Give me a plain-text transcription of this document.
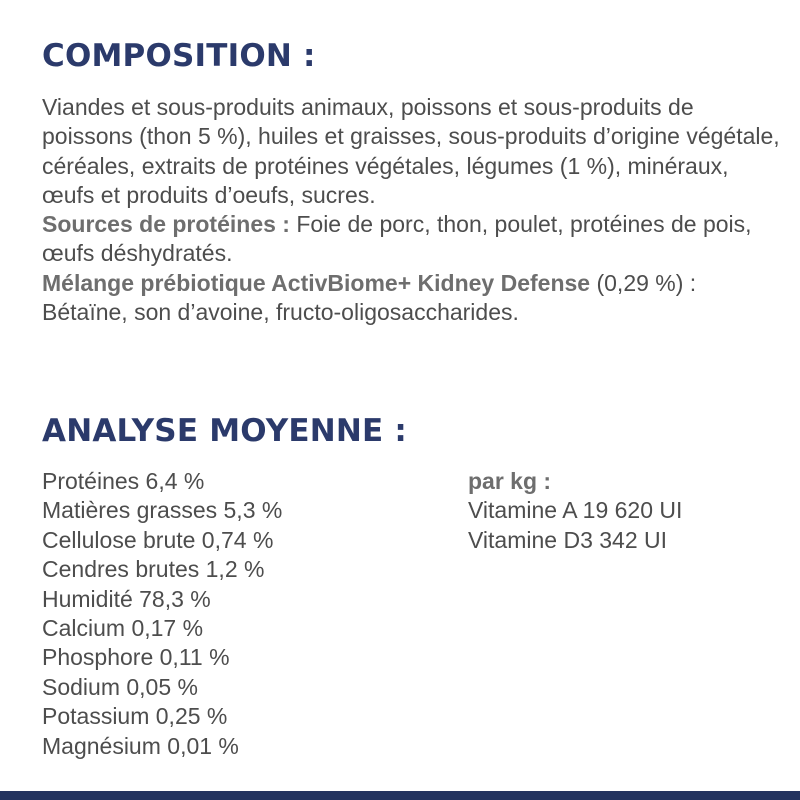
COMPOSITION :

Viandes et sous-produits animaux, poissons et sous-produits de poissons (thon 5 %), huiles et graisses, sous-produits d’origine végétale, céréales, extraits de protéines végétales, légumes (1 %), minéraux, œufs et produits d’oeufs, sucres.

Sources de protéines : Foie de porc, thon, poulet, protéines de pois, œufs déshydratés.

Mélange prébiotique ActivBiome+ Kidney Defense (0,29 %) : Bétaïne, son d’avoine, fructo-oligosaccharides.

ANALYSE MOYENNE :
Protéines 6,4 %
Matières grasses 5,3 %
Cellulose brute 0,74 %
Cendres brutes 1,2 %
Humidité 78,3 %
Calcium 0,17 %
Phosphore 0,11 %
Sodium 0,05 %
Potassium 0,25 %
Magnésium 0,01 %

par kg :

Vitamine A 19 620 UI
Vitamine D3 342 UI
